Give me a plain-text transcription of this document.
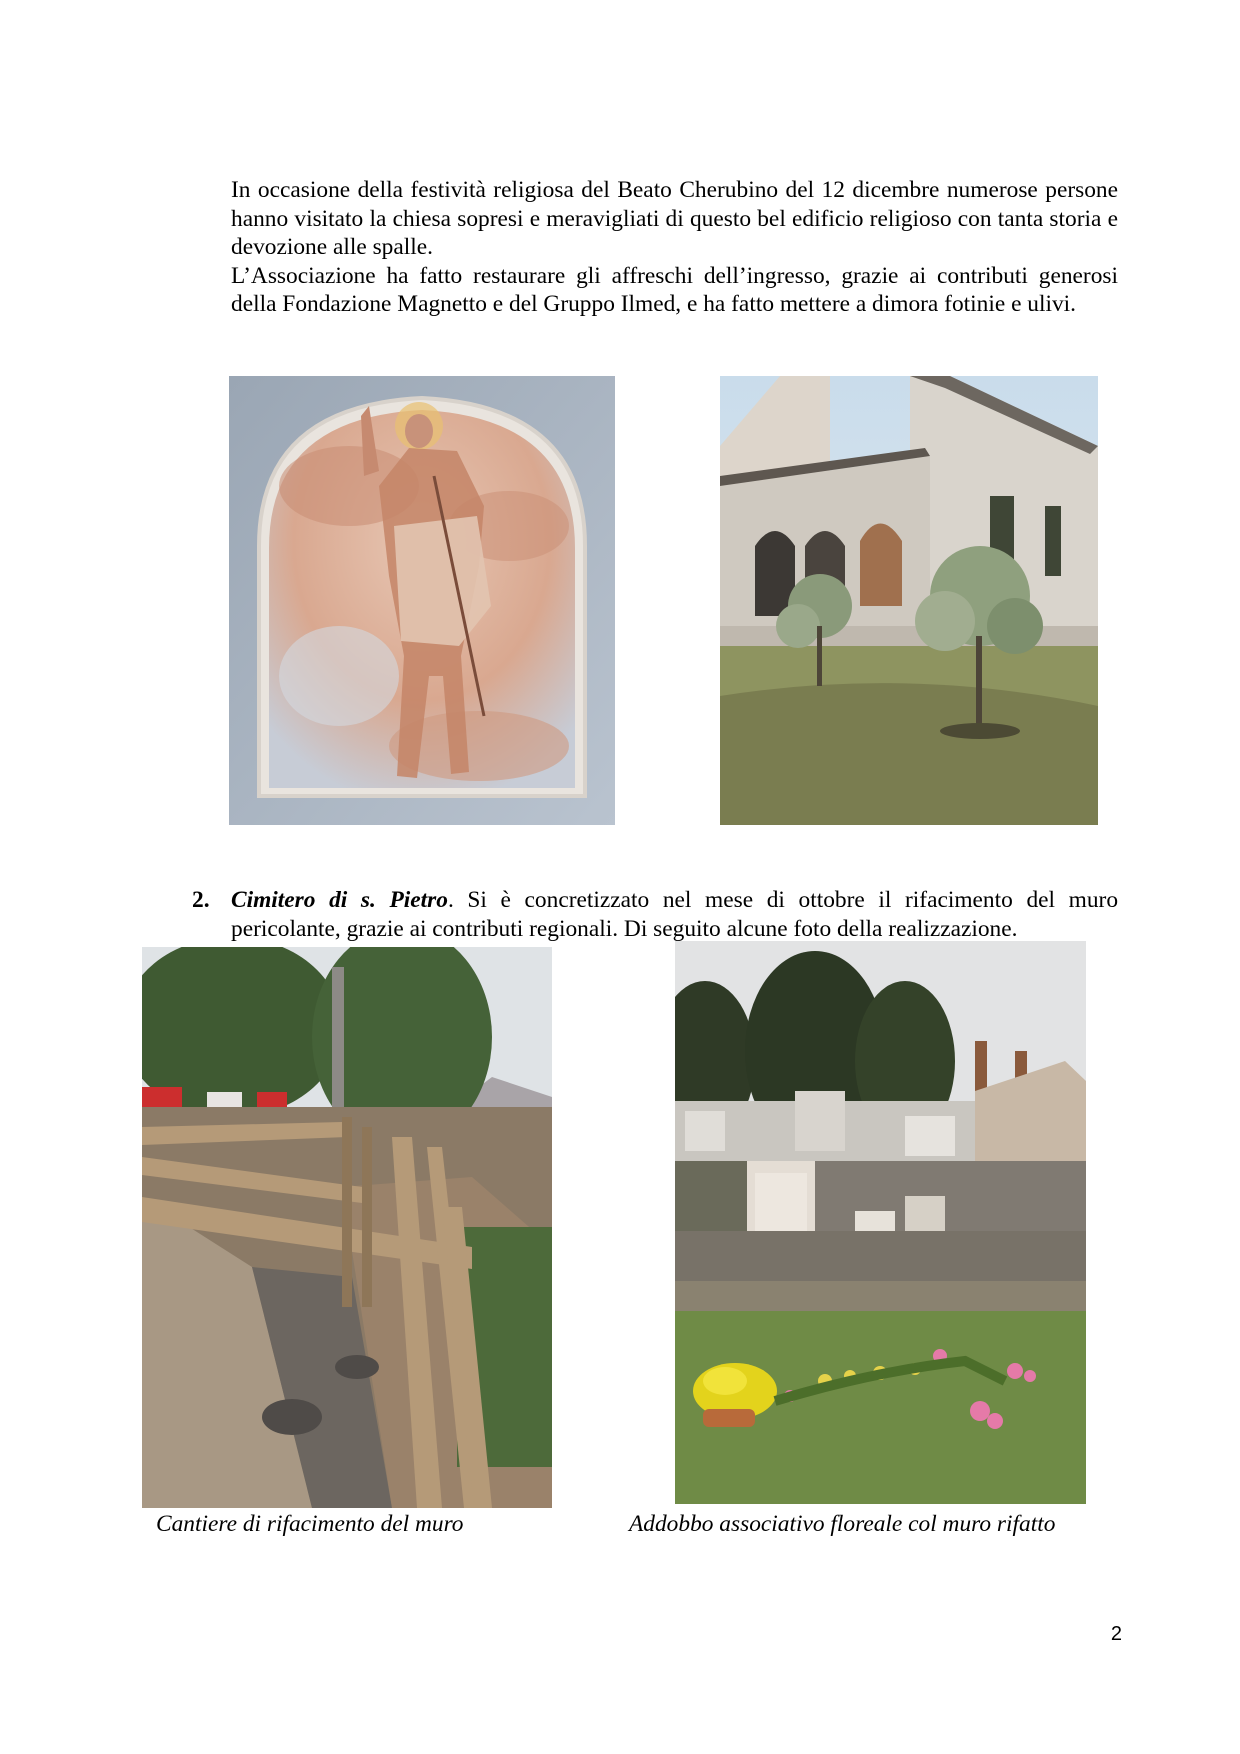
In occasione della festività religiosa del Beato Cherubino del 12 dicembre numerose persone hanno visitato la chiesa sopresi e meravigliati di questo bel edificio religioso con tanta storia e devozione alle spalle.

L’Associazione ha fatto restaurare gli affreschi dell’ingresso, grazie ai contributi generosi della Fondazione Magnetto e del Gruppo Ilmed, e ha fatto mettere a dimora fotinie e ulivi.

2. Cimitero di s. Pietro. Si è concretizzato nel mese di ottobre il rifacimento del muro pericolante, grazie ai contributi regionali. Di seguito alcune foto della realizzazione.
Cantiere di rifacimento del muro	Addobbo associativo floreale col muro rifatto
2
